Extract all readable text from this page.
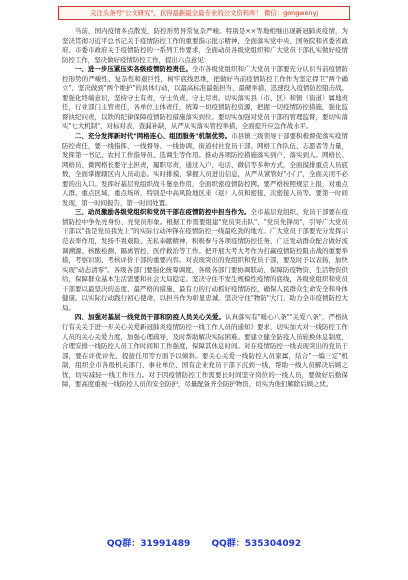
关注头条号"公文研究"，获得最新最全最专业的公文资料库！ 微信：gongwenyj

当前，国内疫情多点散发，防控形势异常复杂严峻。特别是××等地相继出现新冠肺炎疫情，为坚决贯彻习近平总书记关于疫情防控工作的重要指示批示精神，全面落实党中央、国务院和省委省政府、市委市政府关于疫情防控的一系列工作要求，全面动员各级党组织和广大党员干部扎实做好疫情防控工作，坚决做好疫情防控工作，提出六点意见：

一、进一步压紧压实各级疫情防控责任。全市各级党组织和广大党员干部要充分认识当前疫情防控形势的严峻性、复杂性和艰巨性，树牢底线思维，把做好当前疫情防控工作作为坚定捍卫"两个确立"、坚决做到"两个维护"的具体行动，以最高标准最强担当、最硬举措，迅速投入疫情防控阻击战。要强化终端意识，坚持守土有责、守土负责、守土尽责。切实落实县（市、区）和镇（街道）属地责任，行业部门主管责任，各单位主体责任，统筹一切疫情防控资源，把握一切疫情防控措施，强化监督执纪问责，以铁的纪律保障疫情防控措施落实到位。要切实加强对党员干部的管理监督，要切实落实"七大机制"，对标对表、查漏补缺，从严从实落实管控举措，全面提升应急作战水平。

二、充分发挥新时代"网格连心、组团服务"机制优势。市县镇三级领导干部要积极督促落实疫情防控责任，要一线指挥、一线督导、一线协调，街道村社党员干部、网格工作队伍、志愿者等力量，发挥第一书记、农村工作指导员、选调生等作用。推动各项防控措施落实到户、落实到人。网格长、网格员、微网格长要守土担责，履职尽责，通过入户、电话、微信等多种方式，全面摸排重点人员底数，全面掌握辖区内人员动态。实时排摸，掌握人员进出信息，从严从紧管好"小门"，全面关闭不必要的出入口。发挥好基层党组织战斗堡垒作用，全面织密疫情防控网。要严格按照规定上报，对重点人群、重点区域、重点场所，特别是中高风险地区来（返）人员和密接、次密接人员等。要第一时间发现，第一时间报告，第一时间处置。

三、动员激励各级党组织和党员干部在疫情防控中担当作为。全市基层党组织、党员干部要在疫情防控中争先亮身份、亮党员形象。根据工作需要组建"党员突击队"、"党员先锋岗"，引导广大党员干部以"我是党员我先上"的实际行动冲锋在疫情防控一线最吃劲的地方。广大党员干部要充分发挥示范表率作用，发扬不畏艰险、无私奉献精神，积极参与各项疫情防控任务，广泛发动群众配合做好流调溯源、核酸检测、隔离管控、医疗救治等工作。把开展大考大考作为打赢疫情防控阻击战的重要举措，考察识别、考核评价干部的重要内容。对表现突出的党组织和党员干部，要及时予以表扬，加快实现"动态清零"。各级各部门要强化统筹调度，各级各部门要协调联动，保障防疫物资、生活物资供给，保障群众基本生活需要和社会大局稳定。坚决守住不发生规模性疫情的底线，各级党组织和党员干部要以最坚决的态度、最严格的措施、最有力的行动抓好疫情防控，确保人民群众生命安全和身体健康。以实际行动践行初心使命，以担当作为彰显忠诚。坚决守住"物防"大门，助力全市疫情防控大局。

四、加强对基层一线党员干部和防疫人员关心关爱。认真落实有"暖心八条""关爱八条"，严格执行有关关于进一步关心关爱新冠肺炎疫情防控一线工作人员的通知》要求，切实加大对一线防控工作人员的关心关爱力度，加强心理疏导，及时帮助解决实际困难。要建立健全防疫人员轮换休息制度，合理安排一线防控人员工作时间和工作强度，保障其休息时间。对在疫情防控一线表现突出的党员干部，要在评优评先、提拔任用等方面予以倾斜。要关心关爱一线防控人员家属，结合"一编三定"机制，组织全市各级机关部门、事业单位、国有企业党员干部下沉到一线，帮助一线人员解决后顾之忧，切实减轻一线工作压力。对于因疫情防控工作需要长时间坚守岗位的一线人员，要做好后勤保障，要高度重视一线防控人员的安全防护，尽量配备齐全防护物资，切实为他们解除后顾之忧。

QQ群：31991489 QQ群：535304092
